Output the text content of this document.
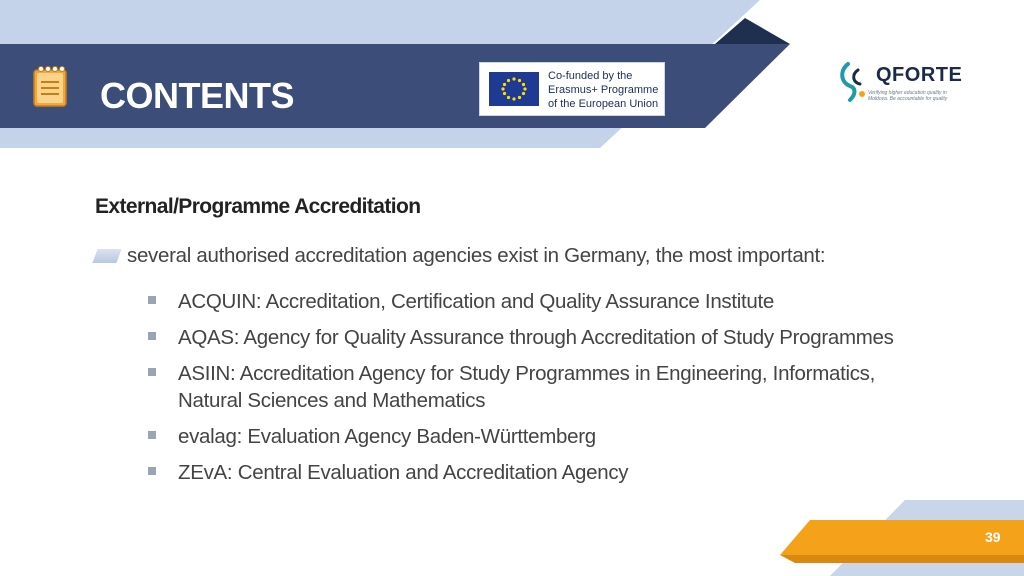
CONTENTS	Co-funded by the
Erasmus+ Programme
of the European Union
QFORTE
Verifying higher education quality in Moldova. Be accountable for quality
External/Programme Accreditation
several authorised accreditation agencies exist in Germany, the most important:
ACQUIN: Accreditation, Certification and Quality Assurance Institute
AQAS: Agency for Quality Assurance through Accreditation of Study Programmes
ASIIN: Accreditation Agency for Study Programmes in Engineering, Informatics, Natural Sciences and Mathematics
evalag: Evaluation Agency Baden-Württemberg
ZEvA: Central Evaluation and Accreditation Agency
39
